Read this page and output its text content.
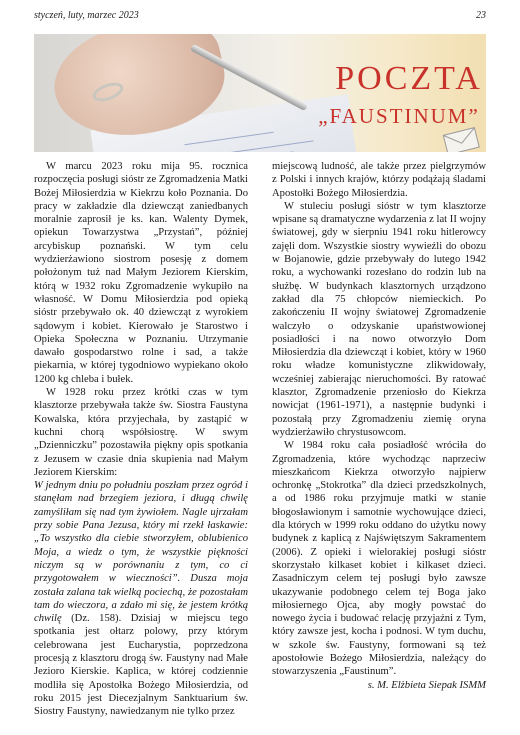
styczeń, luty, marzec 2023	23
POCZTA
„FAUSTINUM”

W marcu 2023 roku mija 95. rocznica rozpoczęcia posługi sióstr ze Zgromadzenia Matki Bożej Miłosierdzia w Kiekrzu koło Poznania. Do pracy w zakładzie dla dziewcząt zaniedbanych moralnie zaprosił je ks. kan. Walenty Dymek, opiekun Towarzystwa „Przystań”, później arcybiskup poznański. W tym celu wydzierżawiono siostrom posesję z domem położonym tuż nad Małym Jeziorem Kierskim, którą w 1932 roku Zgromadzenie wykupiło na własność. W Domu Miłosierdzia pod opieką sióstr przebywało ok. 40 dziewcząt z wyrokiem sądowym i kobiet. Kierowało je Starostwo i Opieka Społeczna w Poznaniu. Utrzymanie dawało gospodarstwo rolne i sad, a także piekarnia, w której tygodniowo wypiekano około 1200 kg chleba i bułek.

W 1928 roku przez krótki czas w tym klasztorze przebywała także św. Siostra Faustyna Kowalska, która przyjechała, by zastąpić w kuchni chorą współsiostrę. W swym „Dzienniczku” pozostawiła piękny opis spotkania z Jezusem w czasie dnia skupienia nad Małym Jeziorem Kierskim:

W jednym dniu po południu poszłam przez ogród i stanęłam nad brzegiem jeziora, i długą chwilę zamyśliłam się nad tym żywiołem. Nagle ujrzałam przy sobie Pana Jezusa, który mi rzekł łaskawie: „To wszystko dla ciebie stworzyłem, oblubienico Moja, a wiedz o tym, że wszystkie piękności niczym są w porównaniu z tym, co ci przygotowałem w wieczności”. Dusza moja została zalana tak wielką pociechą, że pozostałam tam do wieczora, a zdało mi się, że jestem krótką chwilę (Dz. 158). Dzisiaj w miejscu tego spotkania jest ołtarz polowy, przy którym celebrowana jest Eucharystia, poprzedzona procesją z klasztoru drogą św. Faustyny nad Małe Jezioro Kierskie. Kaplica, w której codziennie modliła się Apostołka Bożego Miłosierdzia, od roku 2015 jest Diecezjalnym Sanktuarium św. Siostry Faustyny, nawiedzanym nie tylko przez

miejscową ludność, ale także przez pielgrzymów z Polski i innych krajów, którzy podążają śladami Apostołki Bożego Miłosierdzia.

W stuleciu posługi sióstr w tym klasztorze wpisane są dramatyczne wydarzenia z lat II wojny światowej, gdy w sierpniu 1941 roku hitlerowcy zajęli dom. Wszystkie siostry wywieźli do obozu w Bojanowie, gdzie przebywały do lutego 1942 roku, a wychowanki rozesłano do rodzin lub na służbę. W budynkach klasztornych urządzono zakład dla 75 chłopców niemieckich. Po zakończeniu II wojny światowej Zgromadzenie walczyło o odzyskanie upaństwowionej posiadłości i na nowo otworzyło Dom Miłosierdzia dla dziewcząt i kobiet, który w 1960 roku władze komunistyczne zlikwidowały, wcześniej zabierając nieruchomości. By ratować klasztor, Zgromadzenie przeniosło do Kiekrza nowicjat (1961-1971), a następnie budynki i pozostałą przy Zgromadzeniu ziemię oryna wydzierżawiło chrystusowcom.

W 1984 roku cała posiadłość wróciła do Zgromadzenia, które wychodząc naprzeciw mieszkańcom Kiekrza otworzyło najpierw ochronkę „Stokrotka” dla dzieci przedszkolnych, a od 1986 roku przyjmuje matki w stanie błogosławionym i samotnie wychowujące dzieci, dla których w 1999 roku oddano do użytku nowy budynek z kaplicą z Najświętszym Sakramentem (2006). Z opieki i wielorakiej posługi sióstr skorzystało kilkaset kobiet i kilkaset dzieci. Zasadniczym celem tej posługi było zawsze ukazywanie podobnego celem tej Boga jako miłosiernego Ojca, aby mogły powstać do nowego życia i budować relację przyjaźni z Tym, który zawsze jest, kocha i podnosi. W tym duchu, w szkole św. Faustyny, formowani są też apostołowie Bożego Miłosierdzia, należący do stowarzyszenia „Faustinum”.

s. M. Elżbieta Siepak ISMM
